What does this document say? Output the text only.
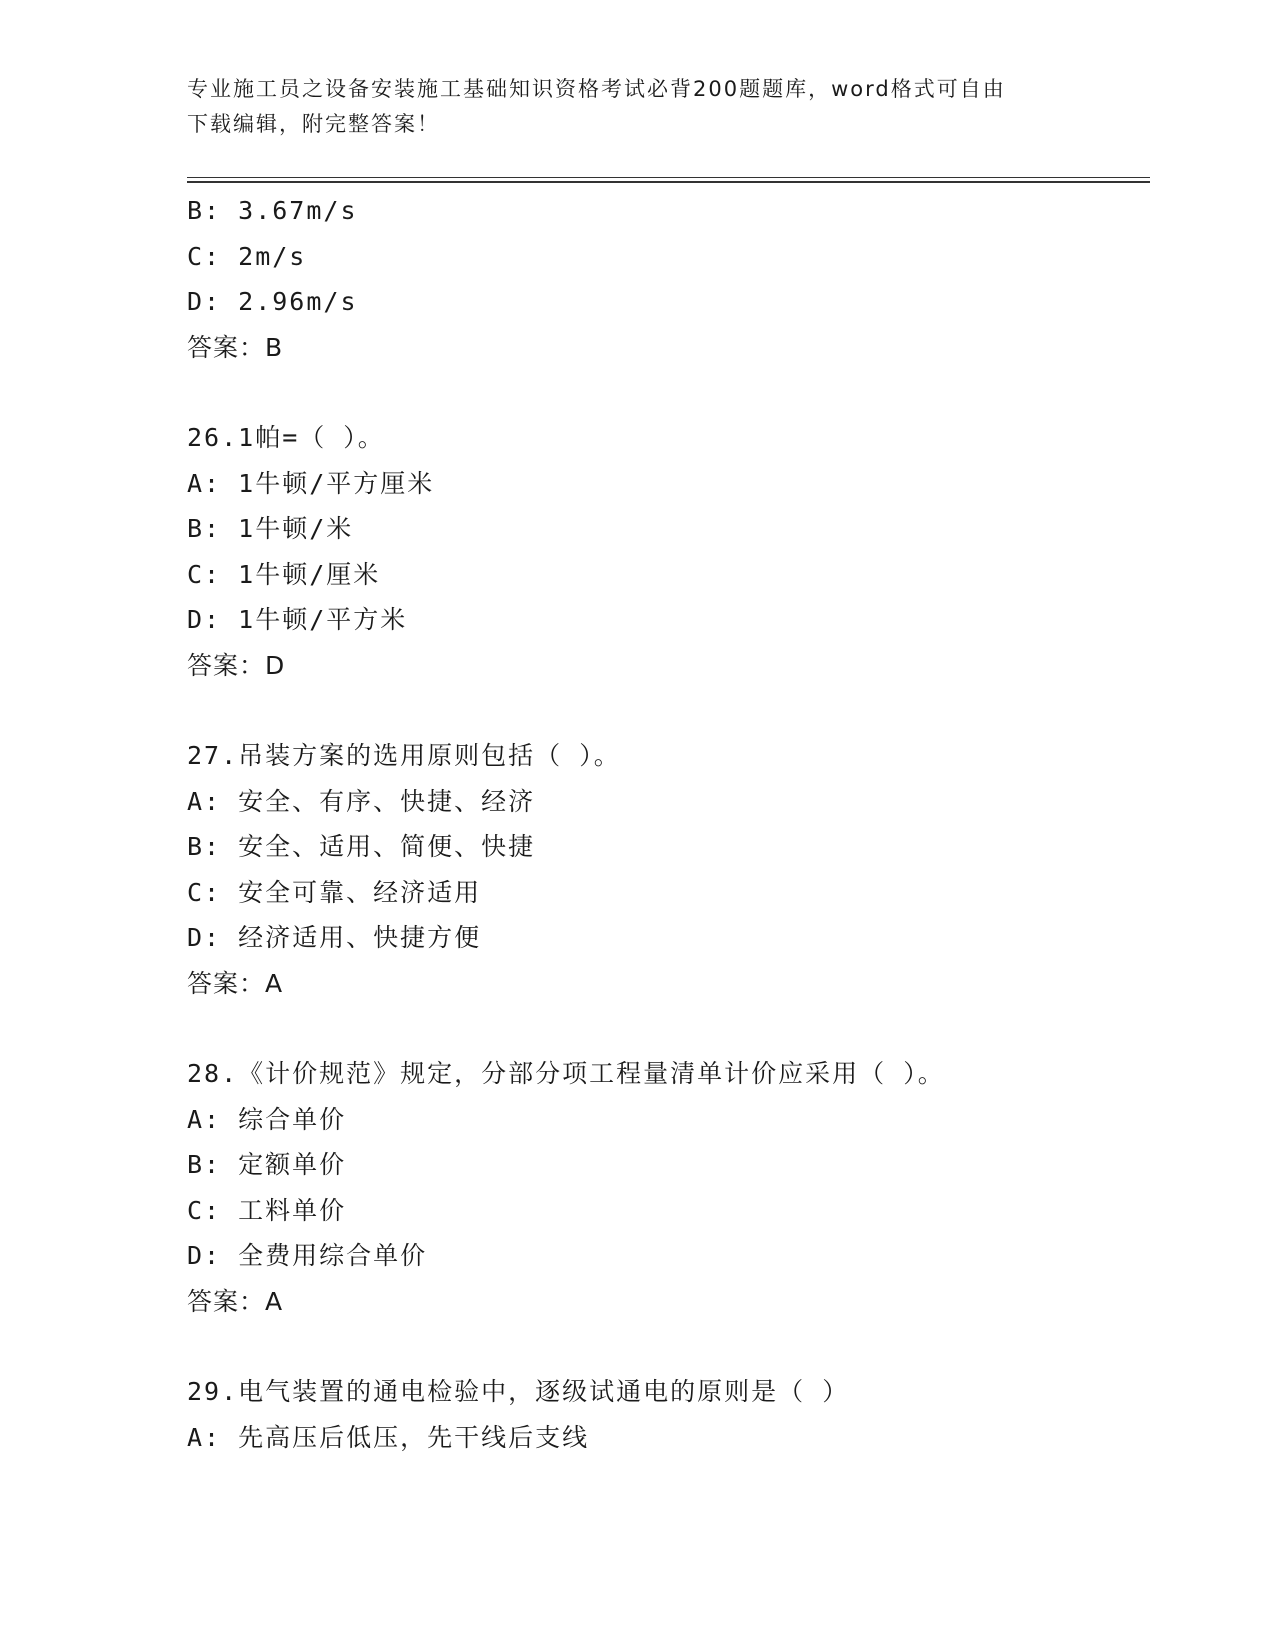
专业施工员之设备安装施工基础知识资格考试必背200题题库，word格式可自由
下载编辑，附完整答案！
B: 3.67m/s
C: 2m/s
D: 2.96m/s
答案：B
26.1帕=（ ）。
A: 1牛顿/平方厘米
B: 1牛顿/米
C: 1牛顿/厘米
D: 1牛顿/平方米
答案：D
27.吊装方案的选用原则包括（ ）。
A: 安全、有序、快捷、经济
B: 安全、适用、简便、快捷
C: 安全可靠、经济适用
D: 经济适用、快捷方便
答案：A
28.《计价规范》规定，分部分项工程量清单计价应采用（ ）。
A: 综合单价
B: 定额单价
C: 工料单价
D: 全费用综合单价
答案：A
29.电气装置的通电检验中，逐级试通电的原则是（ ）
A: 先高压后低压，先干线后支线
